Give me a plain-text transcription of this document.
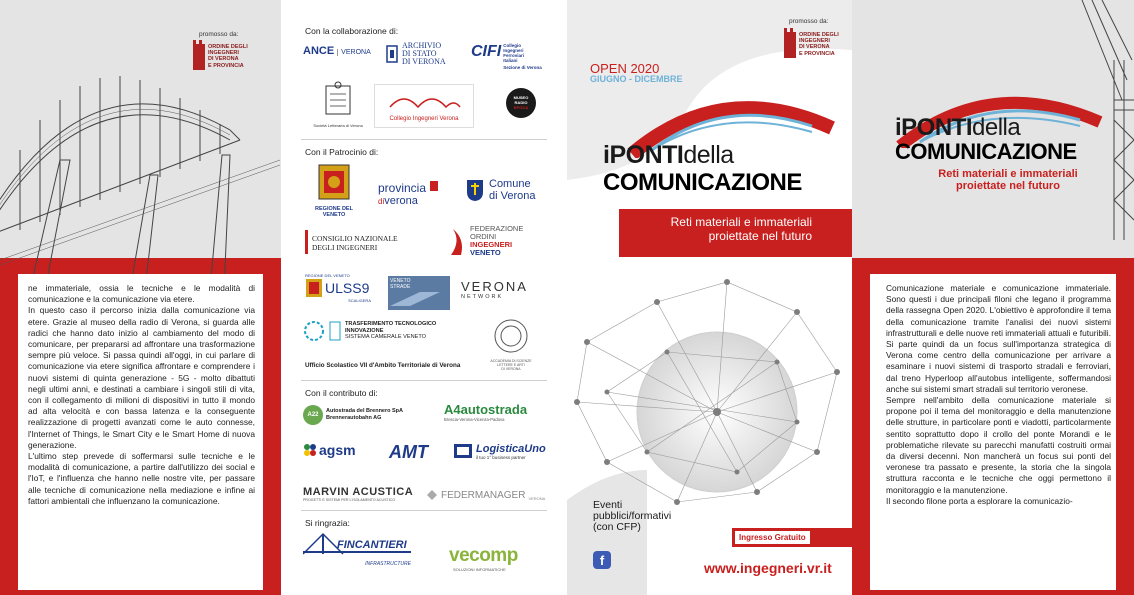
promosso da:
ORDINE DEGLI
INGEGNERI
DI VERONA
E PROVINCIA

ne immateriale, ossia le tecniche e le modalità di comunicazione e la comunicazione via etere.

In questo caso il percorso inizia dalla comunicazione via etere. Grazie al museo della radio di Verona, si guarda alle radici che hanno dato inizio al cambiamento del modo di comunicare, per prepararsi ad affrontare una trasformazione sempre più veloce. Si passa quindi all'oggi, in cui parlare di comunicazione via etere significa affrontare e comprendere i nuovi sistemi di quinta generazione - 5G - molto dibattuti negli ultimi anni, e destinati a cambiare i singoli stili di vita, con il collegamento di milioni di dispositivi in tutto il mondo ad alta velocità e con bassa latenza e la conseguente realizzazione di progetti avanzati come le auto connesse, l'Internet of Things, le Smart City e le Smart Home di nuova generazione.

L'ultimo step prevede di soffermarsi sulle tecniche e le modalità di comunicazione, a partire dall'utilizzo dei social e l'IoT, e l'influenza che hanno nelle nostre vite, per passare alle tecniche di comunicazione nella mediazione e infine ai fattori ambientali che influenzano la comunicazione.

Con la collaborazione di:
ANCE VERONA
ARCHIVIO
DI STATO
DI VERONA
CIFI Collegio
Ingegneri
Ferroviari
Italiani
Sezione di Verona
Società Letteraria di Verona
Collegio Ingegneri Verona
MUSEO
RADIO
EPOCA
Con il Patrocinio di:
REGIONE DEL VENETO
provincia
diverona
Comune
di Verona
CONSIGLIO NAZIONALE
DEGLI INGEGNERI
FEDERAZIONE
ORDINI
INGEGNERI
VENETO
REGIONE DEL VENETO
ULSS9
SCALIGERA
VENETO
STRADE	VERONA
NETWORK
TRASFERIMENTO TECNOLOGICO
INNOVAZIONE
SISTEMA CAMERALE VENETO
ACCADEMIA DI SCIENZE
LETTERE E ARTI
DI VERONA
Ufficio Scolastico VII d'Ambito Territoriale di Verona
Con il contributo di:
A22
Autostrada del Brennero SpA
Brennerautobahn AG
A4autostrada
Brescia-Verona-Vicenza-Padova
agsm AMT	LogisticaUno
il tuo 1° business partner
MARVIN ACUSTICA
PROGETTI E SISTEMI PER L'ISOLAMENTO ACUSTICO	FEDERMANAGER VERONA
Si ringrazia:
FINCANTIERI
INFRASTRUCTURE vecomp
SOLUZIONI INFORMATICHE
promosso da:
ORDINE DEGLI
INGEGNERI
DI VERONA
E PROVINCIA
OPEN 2020
GIUGNO - DICEMBRE
iPONTIdella
COMUNICAZIONE
Reti materiali e immateriali
proiettate nel futuro
Eventi
pubblici/formativi
(con CFP)
f
Ingresso Gratuito
www.ingegneri.vr.it
iPONTIdella
COMUNICAZIONE
Reti materiali e immateriali
proiettate nel futuro

Comunicazione materiale e comunicazione immateriale. Sono questi i due principali filoni che legano il programma della rassegna Open 2020. L'obiettivo è approfondire il tema della comunicazione tramite l'analisi dei nuovi sistemi infrastrutturali e delle nuove reti immateriali attuali e futuribili. Si parte quindi da un focus sull'importanza strategica di Verona come centro della comunicazione per arrivare a esaminare i nuovi sistemi di trasporto stradali e ferroviari, dal treno Hyperloop all'autobus intelligente, soffermandosi anche sui sistemi smart stradali sul territorio veronese.

Sempre nell'ambito della comunicazione materiale si propone poi il tema del monitoraggio e della manutenzione delle strutture, in particolare ponti e viadotti, particolarmente sentito soprattutto dopo il crollo del ponte Morandi e le problematiche rilevate su parecchi manufatti costruiti ormai da diversi decenni. Non mancherà un focus sui ponti del veronese tra passato e presente, la storia che la singola struttura racconta e le tecniche che oggi permettono il monitoraggio e la manutenzione.

Il secondo filone porta a esplorare la comunicazio-
